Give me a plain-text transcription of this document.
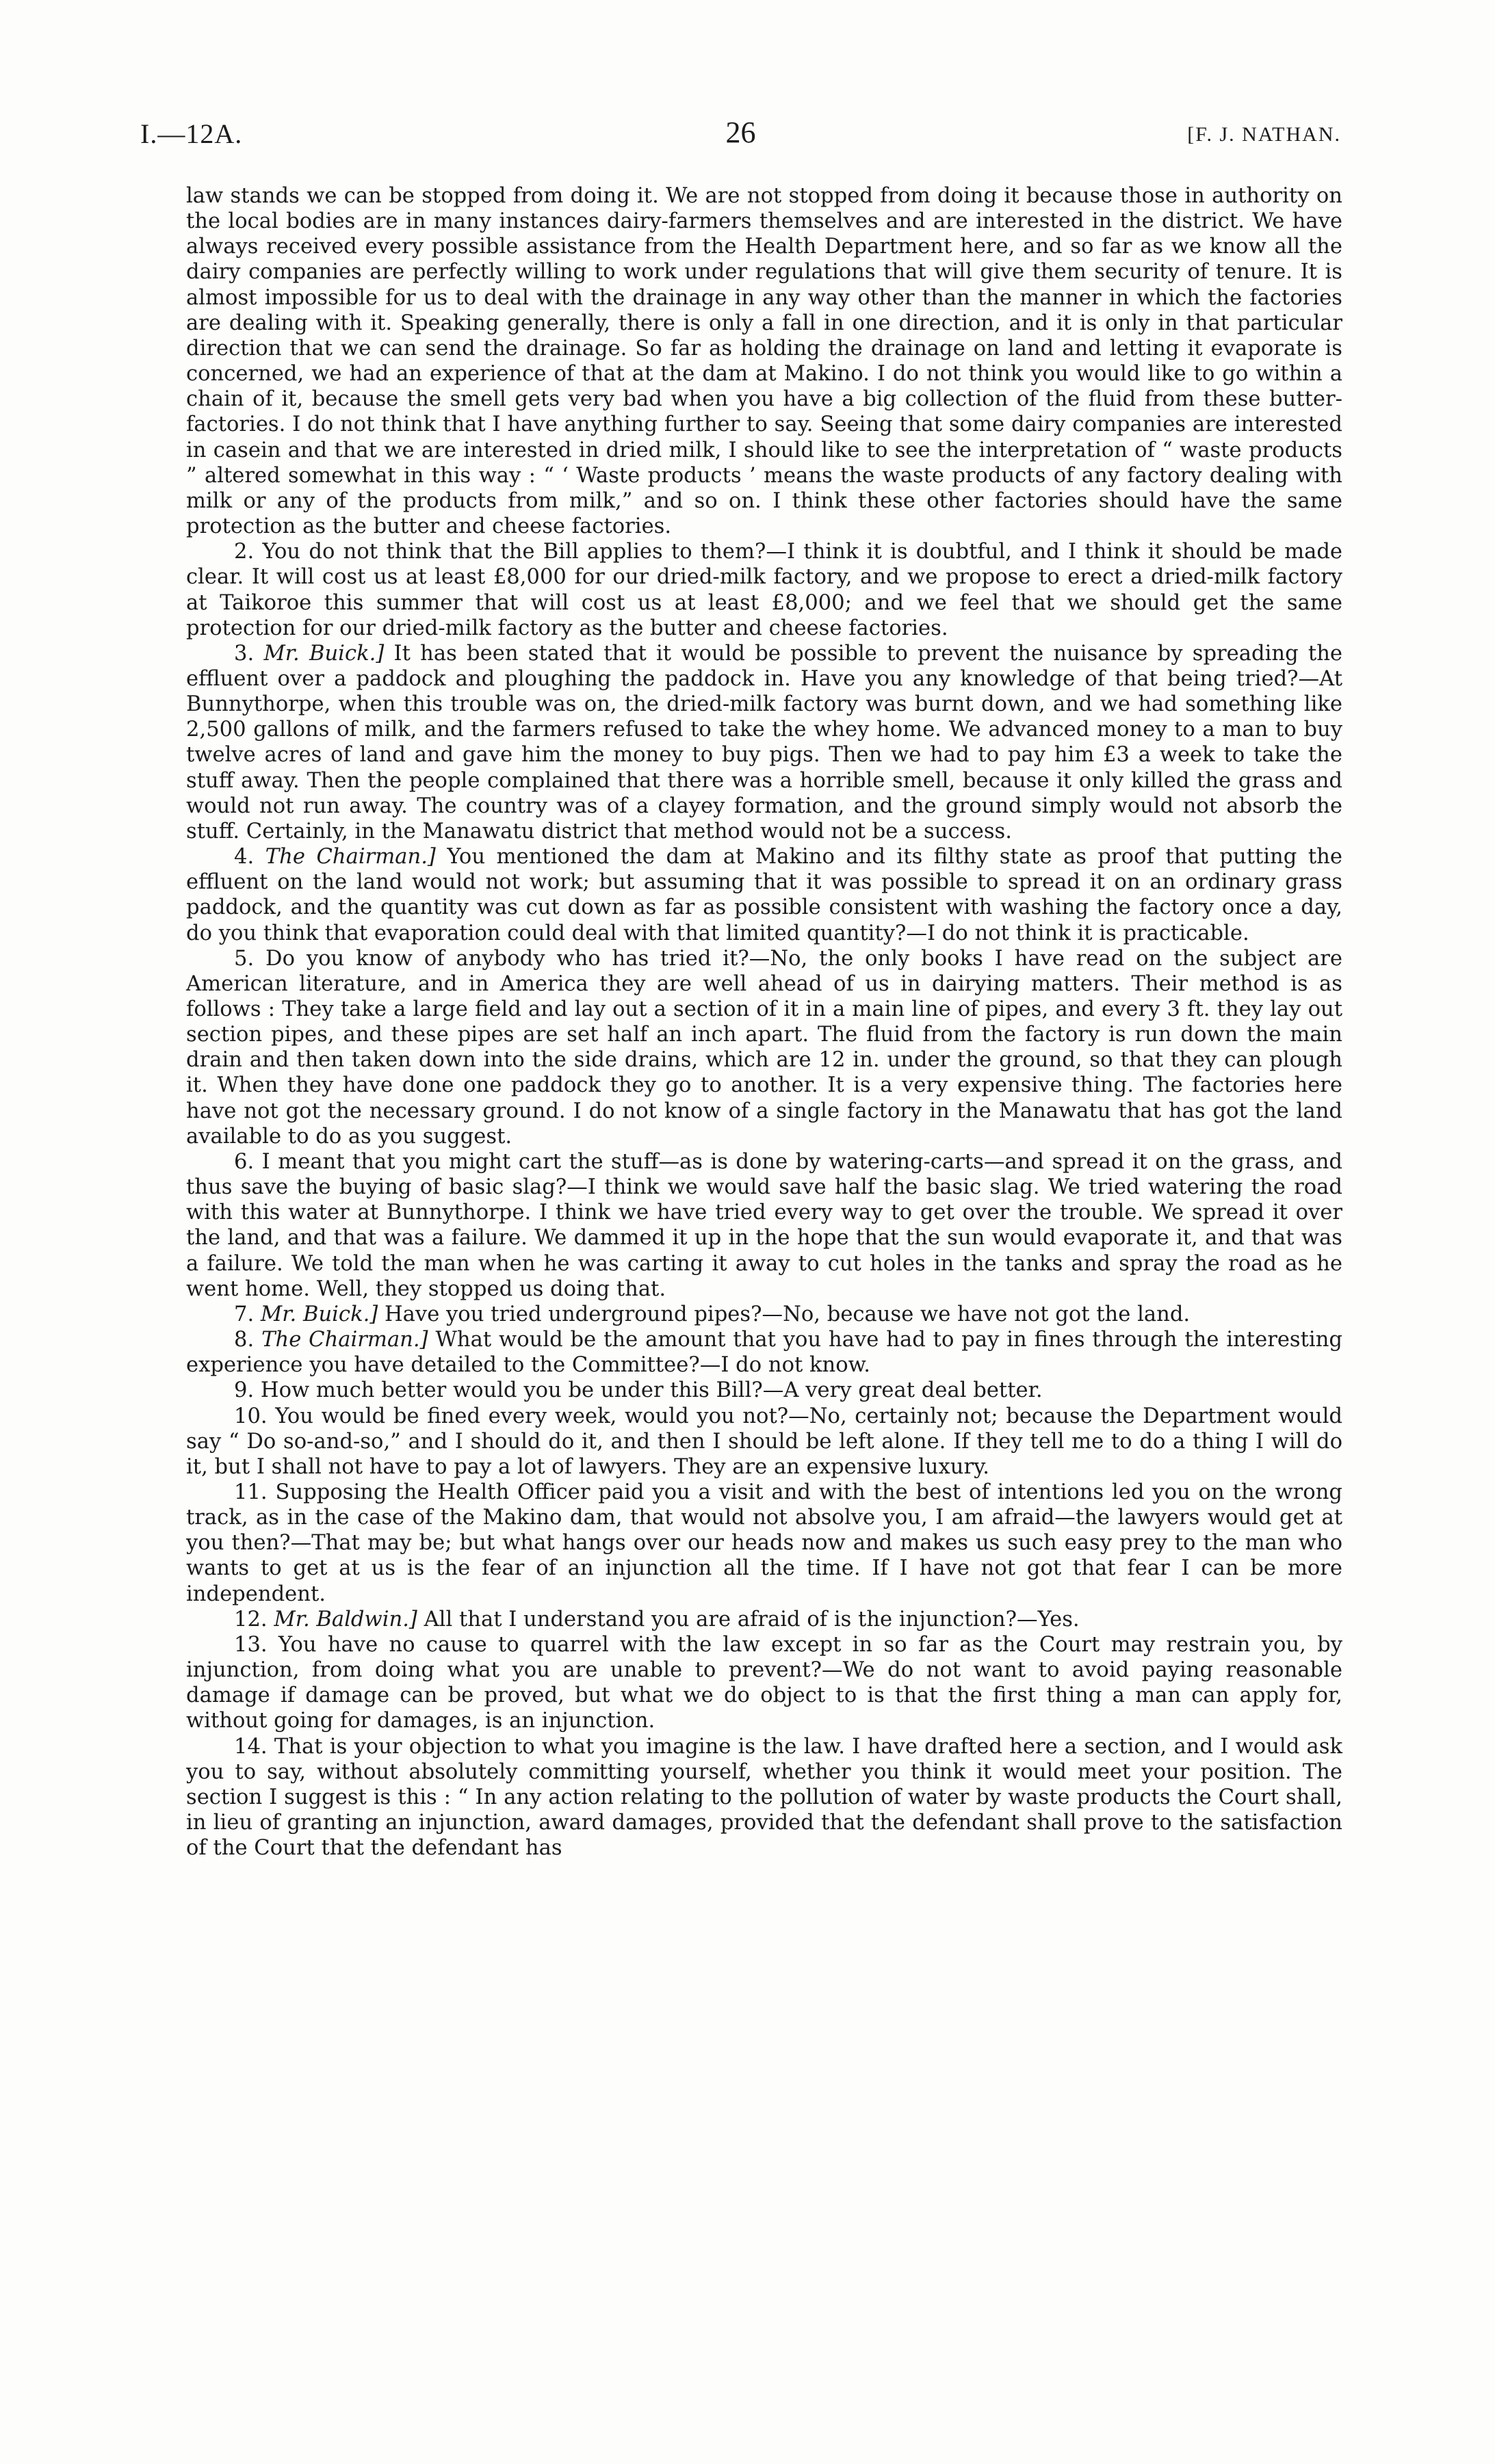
I.—12A.	26	[F. J. NATHAN.

law stands we can be stopped from doing it. We are not stopped from doing it because those in authority on the local bodies are in many instances dairy-farmers themselves and are interested in the district. We have always received every possible assistance from the Health Department here, and so far as we know all the dairy companies are perfectly willing to work under regulations that will give them security of tenure. It is almost impossible for us to deal with the drainage in any way other than the manner in which the factories are dealing with it. Speaking generally, there is only a fall in one direction, and it is only in that particular direction that we can send the drainage. So far as holding the drainage on land and letting it evaporate is concerned, we had an experience of that at the dam at Makino. I do not think you would like to go within a chain of it, because the smell gets very bad when you have a big collection of the fluid from these butter-factories. I do not think that I have anything further to say. Seeing that some dairy companies are interested in casein and that we are interested in dried milk, I should like to see the interpretation of “ waste products ” altered somewhat in this way : “ ‘ Waste products ’ means the waste products of any factory dealing with milk or any of the products from milk,” and so on. I think these other factories should have the same protection as the butter and cheese factories.

2. You do not think that the Bill applies to them?—I think it is doubtful, and I think it should be made clear. It will cost us at least £8,000 for our dried-milk factory, and we propose to erect a dried-milk factory at Taikoroe this summer that will cost us at least £8,000; and we feel that we should get the same protection for our dried-milk factory as the butter and cheese factories.

3. Mr. Buick.] It has been stated that it would be possible to prevent the nuisance by spreading the effluent over a paddock and ploughing the paddock in. Have you any knowledge of that being tried?—At Bunnythorpe, when this trouble was on, the dried-milk factory was burnt down, and we had something like 2,500 gallons of milk, and the farmers refused to take the whey home. We advanced money to a man to buy twelve acres of land and gave him the money to buy pigs. Then we had to pay him £3 a week to take the stuff away. Then the people complained that there was a horrible smell, because it only killed the grass and would not run away. The country was of a clayey formation, and the ground simply would not absorb the stuff. Certainly, in the Manawatu district that method would not be a success.

4. The Chairman.] You mentioned the dam at Makino and its filthy state as proof that putting the effluent on the land would not work; but assuming that it was possible to spread it on an ordinary grass paddock, and the quantity was cut down as far as possible consistent with washing the factory once a day, do you think that evaporation could deal with that limited quantity?—I do not think it is practicable.

5. Do you know of anybody who has tried it?—No, the only books I have read on the subject are American literature, and in America they are well ahead of us in dairying matters. Their method is as follows : They take a large field and lay out a section of it in a main line of pipes, and every 3 ft. they lay out section pipes, and these pipes are set half an inch apart. The fluid from the factory is run down the main drain and then taken down into the side drains, which are 12 in. under the ground, so that they can plough it. When they have done one paddock they go to another. It is a very expensive thing. The factories here have not got the necessary ground. I do not know of a single factory in the Manawatu that has got the land available to do as you suggest.

6. I meant that you might cart the stuff—as is done by watering-carts—and spread it on the grass, and thus save the buying of basic slag?—I think we would save half the basic slag. We tried watering the road with this water at Bunnythorpe. I think we have tried every way to get over the trouble. We spread it over the land, and that was a failure. We dammed it up in the hope that the sun would evaporate it, and that was a failure. We told the man when he was carting it away to cut holes in the tanks and spray the road as he went home. Well, they stopped us doing that.

7. Mr. Buick.] Have you tried underground pipes?—No, because we have not got the land.

8. The Chairman.] What would be the amount that you have had to pay in fines through the interesting experience you have detailed to the Committee?—I do not know.

9. How much better would you be under this Bill?—A very great deal better.

10. You would be fined every week, would you not?—No, certainly not; because the Department would say “ Do so-and-so,” and I should do it, and then I should be left alone. If they tell me to do a thing I will do it, but I shall not have to pay a lot of lawyers. They are an expensive luxury.

11. Supposing the Health Officer paid you a visit and with the best of intentions led you on the wrong track, as in the case of the Makino dam, that would not absolve you, I am afraid—the lawyers would get at you then?—That may be; but what hangs over our heads now and makes us such easy prey to the man who wants to get at us is the fear of an injunction all the time. If I have not got that fear I can be more independent.

12. Mr. Baldwin.] All that I understand you are afraid of is the injunction?—Yes.

13. You have no cause to quarrel with the law except in so far as the Court may restrain you, by injunction, from doing what you are unable to prevent?—We do not want to avoid paying reasonable damage if damage can be proved, but what we do object to is that the first thing a man can apply for, without going for damages, is an injunction.

14. That is your objection to what you imagine is the law. I have drafted here a section, and I would ask you to say, without absolutely committing yourself, whether you think it would meet your position. The section I suggest is this : “ In any action relating to the pollution of water by waste products the Court shall, in lieu of granting an injunction, award damages, provided that the defendant shall prove to the satisfaction of the Court that the defendant has
